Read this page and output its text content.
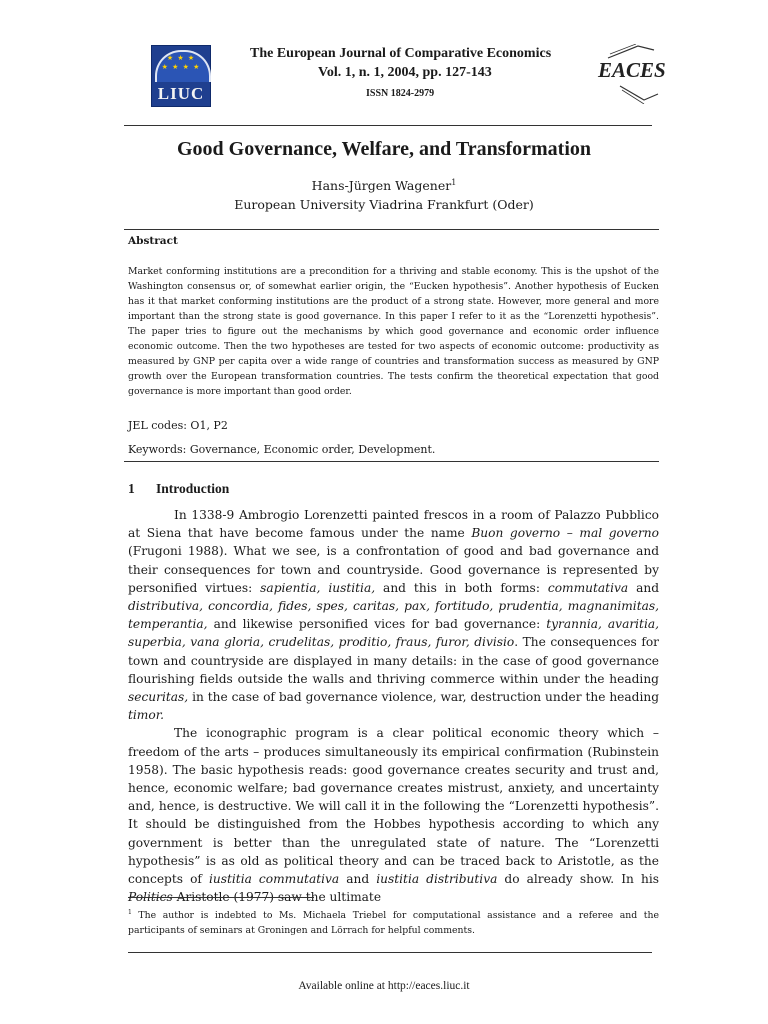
★ ★ ★
★ ★ ★ ★
LIUC
The European Journal of Comparative Economics
Vol. 1, n. 1, 2004, pp. 127-143
ISSN 1824-2979
EACES
Good Governance, Welfare, and Transformation
Hans-Jürgen Wagener$^1$
European University Viadrina Frankfurt (Oder)
Abstract
Market conforming institutions are a precondition for a thriving and stable economy. This is the upshot of the Washington consensus or, of somewhat earlier origin, the “Eucken hypothesis”. Another hypothesis of Eucken has it that market conforming institutions are the product of a strong state. However, more general and more important than the strong state is good governance. In this paper I refer to it as the “Lorenzetti hypothesis”. The paper tries to figure out the mechanisms by which good governance and economic order influence economic outcome. Then the two hypotheses are tested for two aspects of economic outcome: productivity as measured by GNP per capita over a wide range of countries and transformation success as measured by GNP growth over the European transformation countries. The tests confirm the theoretical expectation that good governance is more important than good order.
JEL codes: O1, P2
Keywords: Governance, Economic order, Development.
1 Introduction

In 1338-9 Ambrogio Lorenzetti painted frescos in a room of Palazzo Pubblico at Siena that have become famous under the name Buon governo – mal governo (Frugoni 1988). What we see, is a confrontation of good and bad governance and their consequences for town and countryside. Good governance is represented by personified virtues: sapientia, iustitia, and this in both forms: commutativa and distributiva, concordia, fides, spes, caritas, pax, fortitudo, prudentia, magnanimitas, temperantia, and likewise personified vices for bad governance: tyrannia, avaritia, superbia, vana gloria, crudelitas, proditio, fraus, furor, divisio. The consequences for town and countryside are displayed in many details: in the case of good governance flourishing fields outside the walls and thriving commerce within under the heading securitas, in the case of bad governance violence, war, destruction under the heading timor.

The iconographic program is a clear political economic theory which – freedom of the arts – produces simultaneously its empirical confirmation (Rubinstein 1958). The basic hypothesis reads: good governance creates security and trust and, hence, economic welfare; bad governance creates mistrust, anxiety, and uncertainty and, hence, is destructive. We will call it in the following the “Lorenzetti hypothesis”. It should be distinguished from the Hobbes hypothesis according to which any government is better than the unregulated state of nature. The “Lorenzetti hypothesis” is as old as political theory and can be traced back to Aristotle, as the concepts of iustitia commutativa and iustitia distributiva do already show. In his Politics Aristotle (1977) saw the ultimate

$^1$ The author is indebted to Ms. Michaela Triebel for computational assistance and a referee and the participants of seminars at Groningen and Lörrach for helpful comments.
Available online at http://eaces.liuc.it
